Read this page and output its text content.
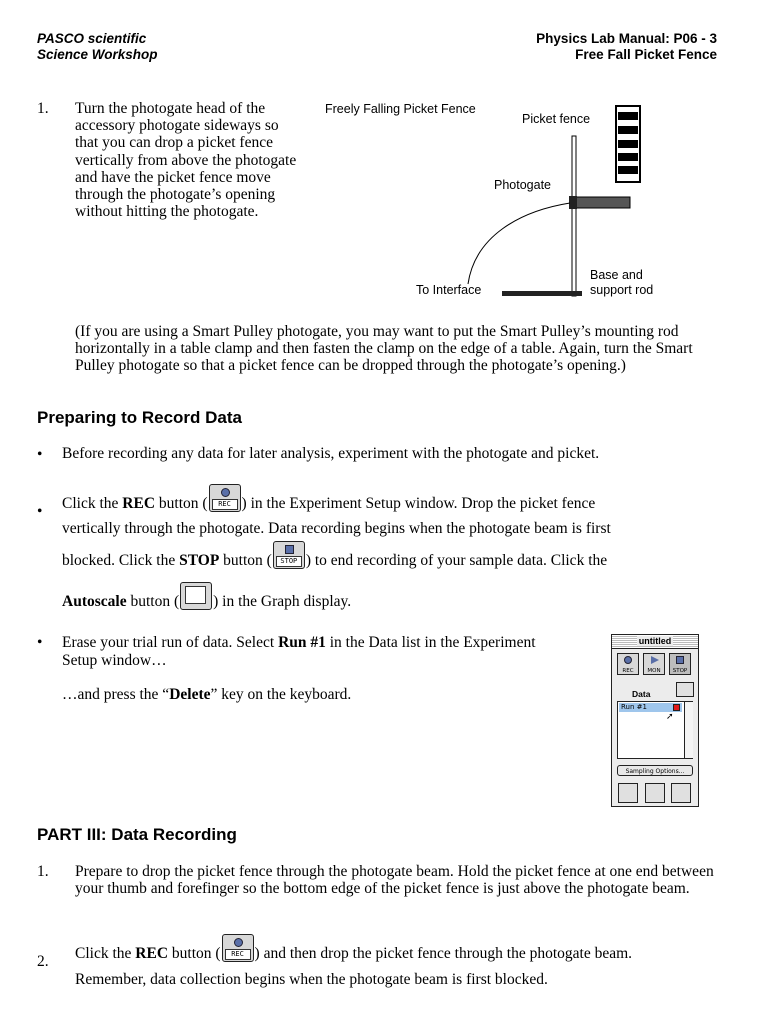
PASCO scientific
Science Workshop
Physics Lab Manual: P06 - 3
Free Fall Picket Fence
1. Turn the photogate head of the accessory photogate sideways so that you can drop a picket fence vertically from above the photogate and have the picket fence move through the photogate’s opening without hitting the photogate.
Freely Falling Picket Fence
Picket fence
Photogate
To Interface
Base and
support rod
(If you are using a Smart Pulley photogate, you may want to put the Smart Pulley’s mounting rod horizontally in a table clamp and then fasten the clamp on the edge of a table. Again, turn the Smart Pulley photogate so that a picket fence can be dropped through the photogate’s opening.)
Preparing to Record Data
• Before recording any data for later analysis, experiment with the photogate and picket.
• Click the REC button (	REC ) in the Experiment Setup window. Drop the picket fence
vertically through the photogate. Data recording begins when the photogate beam is first
blocked. Click the STOP button (	STOP ) to end recording of your sample data. Click the
Autoscale button ( ) in the Graph display.
• Erase your trial run of data. Select Run #1 in the Data list in the Experiment
Setup window…
…and press the “Delete” key on the keyboard.
untitled
REC	MON	STOP
Data
Run #1
➚
Sampling Options...
PART III: Data Recording
1. Prepare to drop the picket fence through the photogate beam. Hold the picket fence at one end between your thumb and forefinger so the bottom edge of the picket fence is just above the photogate beam.
2. Click the REC button (	REC ) and then drop the picket fence through the photogate beam.
Remember, data collection begins when the photogate beam is first blocked.
